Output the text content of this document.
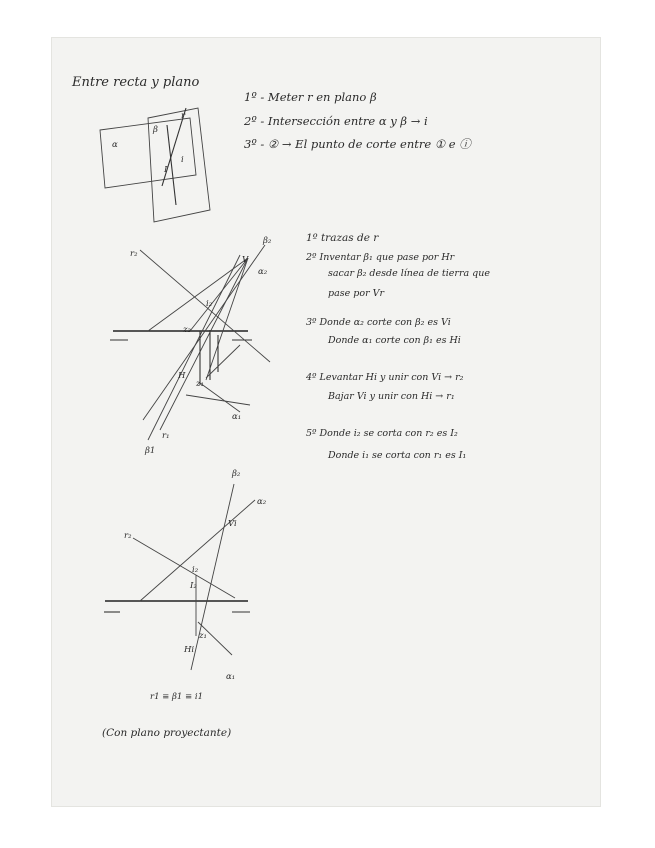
Entre recta y plano
1º - Meter r en plano β
2º - Intersección entre α y β → i
3º - ② → El punto de corte entre ① e ⓘ
α
β
r
i
I
r₂
β₂
V
α₂
i₂
z₂
H
z₁
r₁
α₁
β1
1º trazas de r
2º Inventar β₁ que pase por Hr
sacar β₂ desde línea de tierra que
pase por Vr
3º Donde α₂ corte con β₂ es Vi
Donde α₁ corte con β₁ es Hi
4º Levantar Hi y unir con Vi → r₂
Bajar Vi y unir con Hi → r₁
5º Donde i₂ se corta con r₂ es I₂
Donde i₁ se corta con r₁ es I₁
β₂
α₂
r₂
Vi
i₂
I₂
z₁
Hi
α₁
r1 ≡ β1 ≡ i1
(Con plano proyectante)
